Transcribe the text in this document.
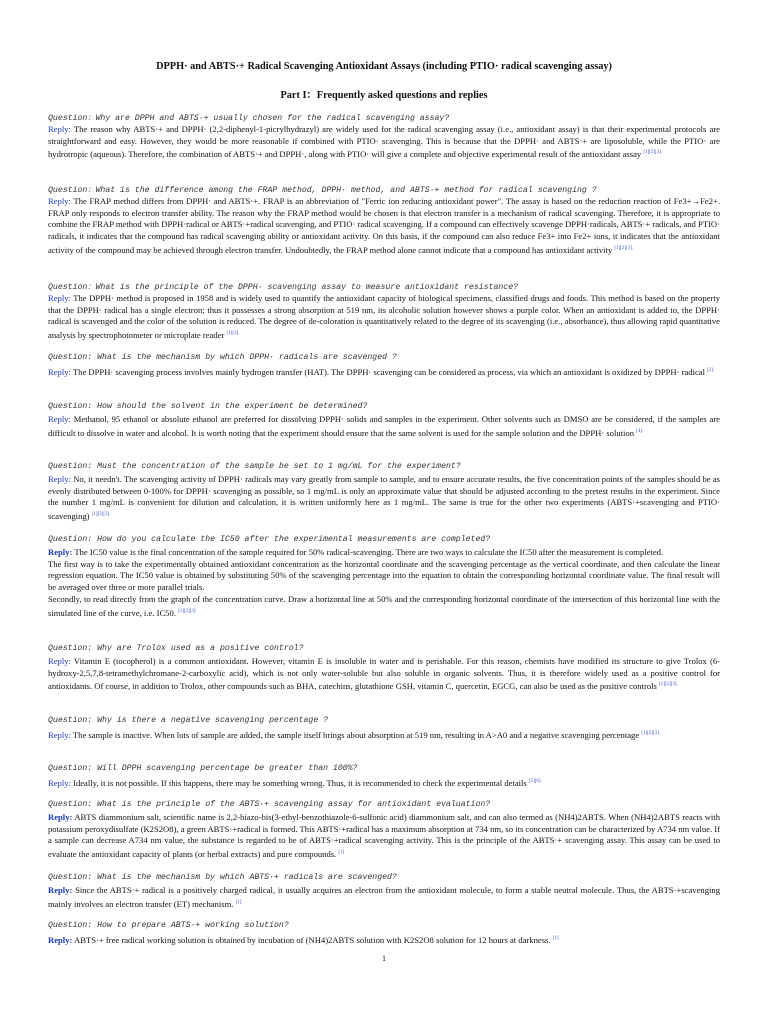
DPPH· and ABTS·+ Radical Scavenging Antioxidant Assays (including PTIO· radical scavenging assay)
Part I：Frequently asked questions and replies
Question：Why are DPPH and ABTS·+ usually chosen for the radical scavenging assay?
Reply: The reason why ABTS·+ and DPPH· (2,2-diphenyl-1-picrylhydrazyl) are widely used for the radical scavenging assay (i.e., antioxidant assay) is that their experimental protocols are straightforward and easy. However, they would be more reasonable if combined with PTIO· scavenging. This is because that the DPPH· and ABTS·+ are liposoluble, while the PTIO· are hydrotropic (aqueous). Therefore, the combination of ABTS·+ and DPPH·, along with PTIO· will give a complete and objective experimental result of the antioxidant assay $^{[1][2][3].}$
Question：What is the difference among the FRAP method, DPPH· method, and ABTS·+ method for radical scavenging ?
Reply: The FRAP method differs from DPPH· and ABTS·+. FRAP is an abbreviation of "Ferric ion reducing antioxidant power". The assay is based on the reduction reaction of Fe3+→Fe2+. FRAP only responds to electron transfer ability. The reason why the FRAP method would be chosen is that electron transfer is a mechanism of radical scavenging. Therefore, it is appropriate to combine the FRAP method with DPPH·radical or ABTS·+radical scavenging, and PTIO· radical scavenging. If a compound can effectively scavenge DPPH·radicals, ABTS·+ radicals, and PTIO· radicals, it indicates that the compound has radical scavenging ability or antioxidant activity. On this basis, if the compound can also reduce Fe3+ into Fe2+ ions, it indicates that the antioxidant activity of the compound may be achieved through electron transfer. Undoubtedly, the FRAP method alone cannot indicate that a compound has antioxidant activity $^{[1][2][3].}$
Question：What is the principle of the DPPH· scavenging assay to measure antioxidant resistance?
Reply: The DPPH· method is proposed in 1958 and is widely used to quantify the antioxidant capacity of biological specimens, classified drugs and foods. This method is based on the property that the DPPH· radical has a single electron; thus it possesses a strong absorption at 519 nm, its alcoholic solution however shows a purple color. When an antioxidant is added to, the DPPH· radical is scavenged and the color of the solution is reduced. The degree of de-coloration is quantitatively related to the degree of its scavenging (i.e., absorbance), thus allowing rapid quantitative analysis by spectrophotometer or microplate reader $^{[1][3].}$
Question: What is the mechanism by which DPPH· radicals are scavenged ?
Reply: The DPPH· scavenging process involves mainly hydrogen transfer (HAT). The DPPH· scavenging can be considered as process, via which an antioxidant is oxidized by DPPH· radical $^{[2].}$
Question: How should the solvent in the experiment be determined?
Reply: Methanol, 95 ethanol or absolute ethanol are preferred for dissolving DPPH· solids and samples in the experiment. Other solvents such as DMSO are be considered, if the samples are difficult to dissolve in water and alcohol. It is worth noting that the experiment should ensure that the same solvent is used for the sample solution and the DPPH· solution $^{[4].}$
Question: Must the concentration of the sample be set to 1 mg/mL for the experiment?
Reply: No, it needn't. The scavenging activity of DPPH· radicals may vary greatly from sample to sample, and to ensure accurate results, the five concentration points of the samples should be as evenly distributed between 0-100% for DPPH· scavenging as possible, so 1 mg/mL is only an approximate value that should be adjusted according to the pretest results in the experiment. Since the number 1 mg/mL is convenient for dilution and calculation, it is written uniformly here as 1 mg/mL. The same is true for the other two experiments (ABTS·+scavenging and PTIO· scavenging) $^{[1][2][3].}$
Question: How do you calculate the IC50 after the experimental measurements are completed?
Reply: The IC50 value is the final concentration of the sample required for 50% radical-scavenging. There are two ways to calculate the IC50 after the measurement is completed.
The first way is to take the experimentally obtained antioxidant concentration as the horizontal coordinate and the scavenging percentage as the vertical coordinate, and then calculate the linear regression equation. The IC50 value is obtained by substituting 50% of the scavenging percentage into the equation to obtain the corresponding horizontal coordinate value. The final result will be averaged over three or more parallel trials.
Secondly, to read directly from the graph of the concentration curve. Draw a horizontal line at 50% and the corresponding horizontal coordinate of the intersection of this horizontal line with the simulated line of the curve, i.e. IC50. [1][2][3]
Question: Why are Trolox used as a positive control?
Reply: Vitamin E (tocopherol) is a common antioxidant. However, vitamin E is insoluble in water and is perishable. For this reason, chemists have modified its structure to give Trolox (6-hydroxy-2,5,7,8-tetramethylchromane-2-carboxylic acid), which is not only water-soluble but also soluble in organic solvents. Thus, it is therefore widely used as a positive control for antioxidants. Of course, in addition to Trolox, other compounds such as BHA, catechins, glutathione GSH, vitamin C, quercetin, EGCG, can also be used as the positive controls $^{[1][2][3].}$
Question: Why is there a negative scavenging percentage ?
Reply: The sample is inactive. When lots of sample are added, the sample itself brings about absorption at 519 nm, resulting in A>A0 and a negative scavenging percentage $^{[1][2][3].}$
Question: Will DPPH scavenging percentage be greater than 100%?
Reply: Ideally, it is not possible. If this happens, there may be something wrong. Thus, it is recommended to check the experimental details $^{[5][6].}$
Question: What is the principle of the ABTS·+ scavenging assay for antioxidant evaluation?
Reply: ABTS diammonium salt, scientific name is 2,2-biazo-bis(3-ethyl-benzothiazole-6-sulfonic acid) diammonium salt, and can also termed as (NH4)2ABTS. When (NH4)2ABTS reacts with potassium peroxydisulfate (K2S2O8), a green ABTS·+radical is formed. This ABTS·+radical has a maximum absorption at 734 nm, so its concentration can be characterized by A734 nm value. If a sample can decrease A734 nm value, the substance is regarded to be of ABTS·+radical scavenging activity. This is the principle of the ABTS·+ scavenging assay. This assay can be used to evaluate the antioxidant capacity of plants (or herbal extracts) and pure compounds. [1]
Question: What is the mechanism by which ABTS·+ radicals are scavenged?
Reply: Since the ABTS·+ radical is a positively charged radical, it usually acquires an electron from the antioxidant molecule, to form a stable neutral molecule. Thus, the ABTS·+scavenging mainly involves an electron transfer (ET) mechanism. [1]
Question: How to prepare ABTS·+ working solution?
Reply: ABTS·+ free radical working solution is obtained by incubation of (NH4)2ABTS solution with K2S2O8 solution for 12 hours at darkness. [1]
1
